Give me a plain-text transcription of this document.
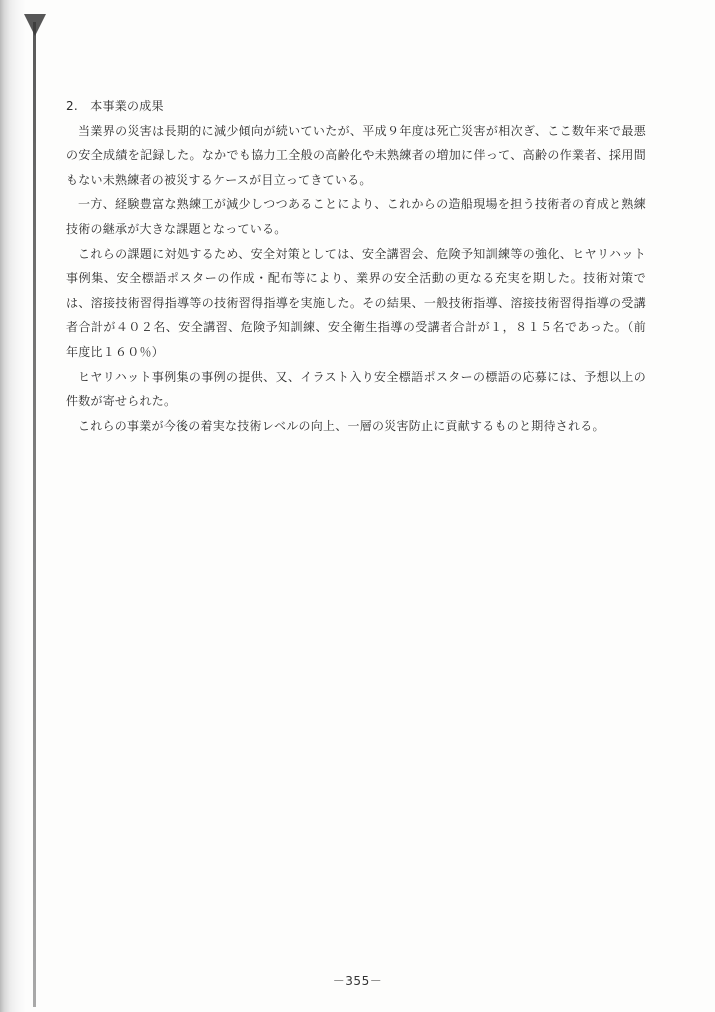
2.　本事業の成果

当業界の災害は長期的に減少傾向が続いていたが、平成９年度は死亡災害が相次ぎ、ここ数年来で最悪の安全成績を記録した。なかでも協力工全般の高齢化や未熟練者の増加に伴って、高齢の作業者、採用間もない未熟練者の被災するケースが目立ってきている。

一方、経験豊富な熟練工が減少しつつあることにより、これからの造船現場を担う技術者の育成と熟練技術の継承が大きな課題となっている。

これらの課題に対処するため、安全対策としては、安全講習会、危険予知訓練等の強化、ヒヤリハット事例集、安全標語ポスターの作成・配布等により、業界の安全活動の更なる充実を期した。技術対策では、溶接技術習得指導等の技術習得指導を実施した。その結果、一般技術指導、溶接技術習得指導の受講者合計が４０２名、安全講習、危険予知訓練、安全衛生指導の受講者合計が１，８１５名であった。（前年度比１６０％）

ヒヤリハット事例集の事例の提供、又、イラスト入り安全標語ポスターの標語の応募には、予想以上の件数が寄せられた。

これらの事業が今後の着実な技術レベルの向上、一層の災害防止に貢献するものと期待される。

－355－
